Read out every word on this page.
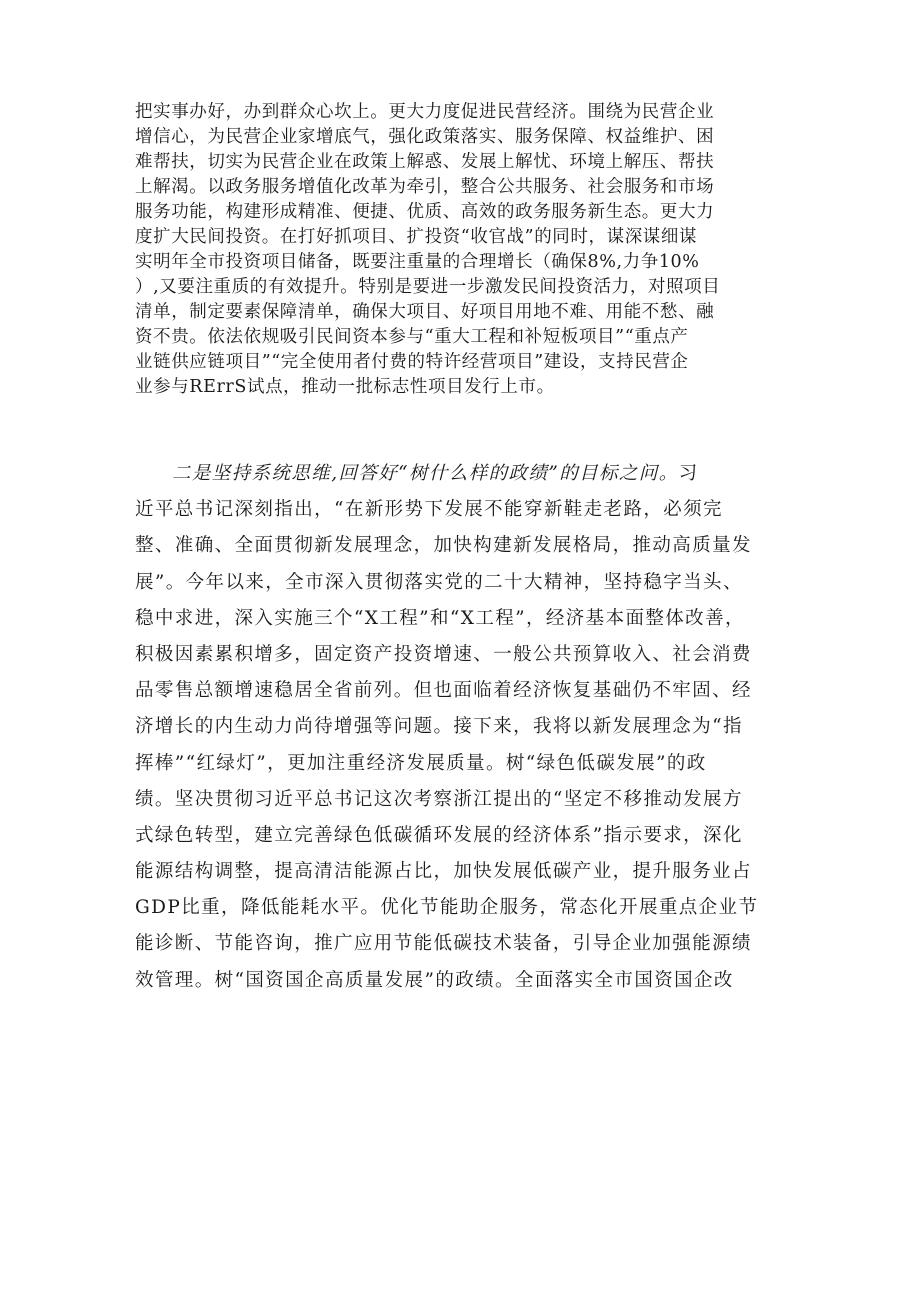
把实事办好，办到群众心坎上。更大力度促进民营经济。围绕为民营企业
增信心，为民营企业家增底气，强化政策落实、服务保障、权益维护、困
难帮扶，切实为民营企业在政策上解惑、发展上解忧、环境上解压、帮扶
上解渴。以政务服务增值化改革为牵引，整合公共服务、社会服务和市场
服务功能，构建形成精准、便捷、优质、高效的政务服务新生态。更大力
度扩大民间投资。在打好抓项目、扩投资“收官战”的同时，谋深谋细谋
实明年全市投资项目储备，既要注重量的合理增长（确保8%,力争10%
）,又要注重质的有效提升。特别是要进一步激发民间投资活力，对照项目
清单，制定要素保障清单，确保大项目、好项目用地不难、用能不愁、融
资不贵。依法依规吸引民间资本参与“重大工程和补短板项目”“重点产
业链供应链项目”“完全使用者付费的特许经营项目”建设，支持民营企
业参与RErrS试点，推动一批标志性项目发行上市。
二是坚持系统思维,回答好“树什么样的政绩”的目标之问。习
近平总书记深刻指出，“在新形势下发展不能穿新鞋走老路，必须完
整、准确、全面贯彻新发展理念，加快构建新发展格局，推动高质量发
展”。今年以来，全市深入贯彻落实党的二十大精神，坚持稳字当头、
稳中求进，深入实施三个“X工程”和“X工程”，经济基本面整体改善，
积极因素累积增多，固定资产投资增速、一般公共预算收入、社会消费
品零售总额增速稳居全省前列。但也面临着经济恢复基础仍不牢固、经
济增长的内生动力尚待增强等问题。接下来，我将以新发展理念为“指
挥棒”“红绿灯”，更加注重经济发展质量。树“绿色低碳发展”的政
绩。坚决贯彻习近平总书记这次考察浙江提出的“坚定不移推动发展方
式绿色转型，建立完善绿色低碳循环发展的经济体系”指示要求，深化
能源结构调整，提高清洁能源占比，加快发展低碳产业，提升服务业占
GDP比重，降低能耗水平。优化节能助企服务，常态化开展重点企业节
能诊断、节能咨询，推广应用节能低碳技术装备，引导企业加强能源绩
效管理。树“国资国企高质量发展”的政绩。全面落实全市国资国企改
